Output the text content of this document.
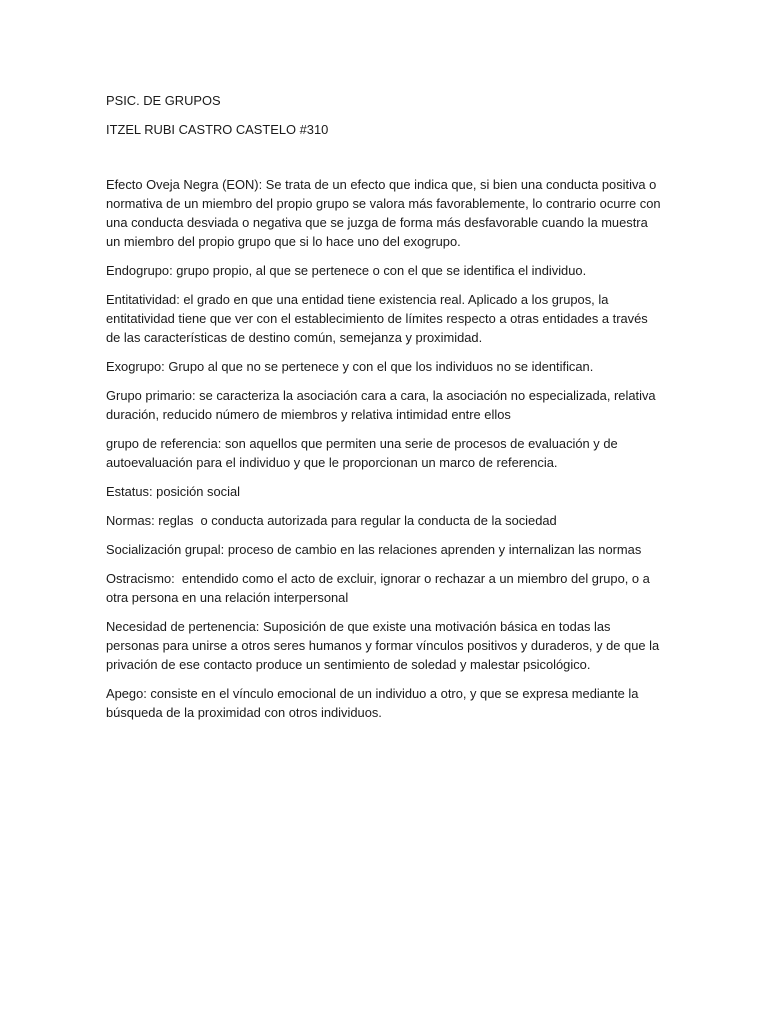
PSIC. DE GRUPOS

ITZEL RUBI CASTRO CASTELO #310

Efecto Oveja Negra (EON): Se trata de un efecto que indica que, si bien una conducta positiva o normativa de un miembro del propio grupo se valora más favorablemente, lo contrario ocurre con una conducta desviada o negativa que se juzga de forma más desfavorable cuando la muestra un miembro del propio grupo que si lo hace uno del exogrupo.

Endogrupo: grupo propio, al que se pertenece o con el que se identifica el individuo.

Entitatividad: el grado en que una entidad tiene existencia real. Aplicado a los grupos, la entitatividad tiene que ver con el establecimiento de límites respecto a otras entidades a través de las características de destino común, semejanza y proximidad.

Exogrupo: Grupo al que no se pertenece y con el que los individuos no se identifican.

Grupo primario: se caracteriza la asociación cara a cara, la asociación no especializada, relativa duración, reducido número de miembros y relativa intimidad entre ellos

grupo de referencia: son aquellos que permiten una serie de procesos de evaluación y de autoevaluación para el individuo y que le proporcionan un marco de referencia.

Estatus: posición social

Normas: reglas  o conducta autorizada para regular la conducta de la sociedad

Socialización grupal: proceso de cambio en las relaciones aprenden y internalizan las normas

Ostracismo:  entendido como el acto de excluir, ignorar o rechazar a un miembro del grupo, o a otra persona en una relación interpersonal

Necesidad de pertenencia: Suposición de que existe una motivación básica en todas las personas para unirse a otros seres humanos y formar vínculos positivos y duraderos, y de que la privación de ese contacto produce un sentimiento de soledad y malestar psicológico.

Apego: consiste en el vínculo emocional de un individuo a otro, y que se expresa mediante la búsqueda de la proximidad con otros individuos.
